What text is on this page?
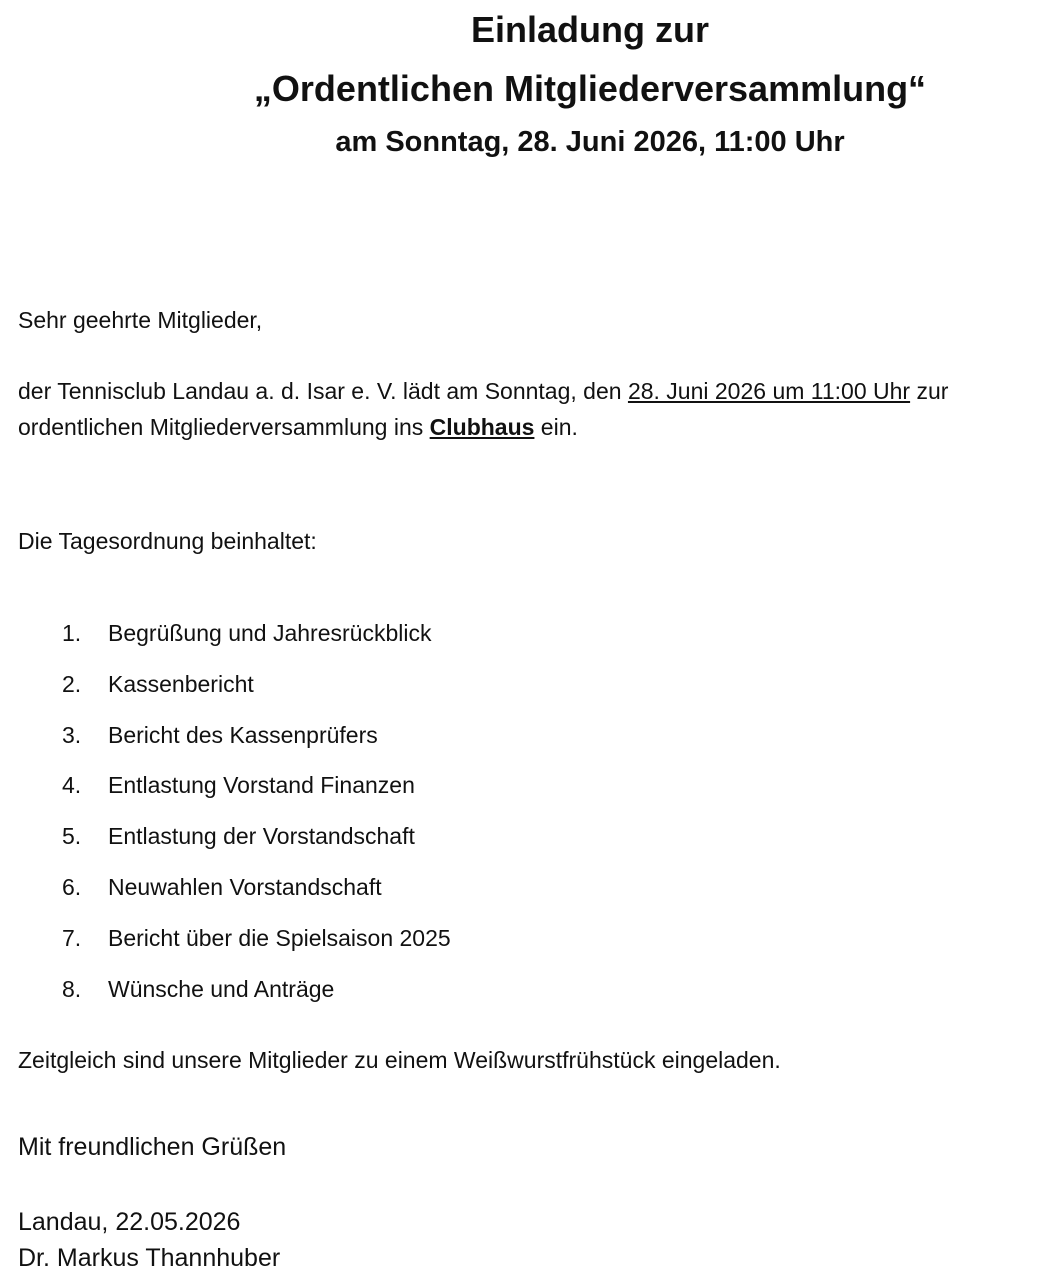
Einladung zur
„Ordentlichen Mitgliederversammlung“
am Sonntag, 28. Juni 2026, 11:00 Uhr
Sehr geehrte Mitglieder,
der Tennisclub Landau a. d. Isar e. V. lädt am Sonntag, den 28. Juni 2026 um 11:00 Uhr zur ordentlichen Mitgliederversammlung ins Clubhaus ein.
Die Tagesordnung beinhaltet:
1.	Begrüßung und Jahresrückblick
2.	Kassenbericht
3.	Bericht des Kassenprüfers
4.	Entlastung Vorstand Finanzen
5.	Entlastung der Vorstandschaft
6.	Neuwahlen Vorstandschaft
7.	Bericht über die Spielsaison 2025
8.	Wünsche und Anträge
Zeitgleich sind unsere Mitglieder zu einem Weißwurstfrühstück eingeladen.
Mit freundlichen Grüßen
Landau, 22.05.2026
Dr. Markus Thannhuber
